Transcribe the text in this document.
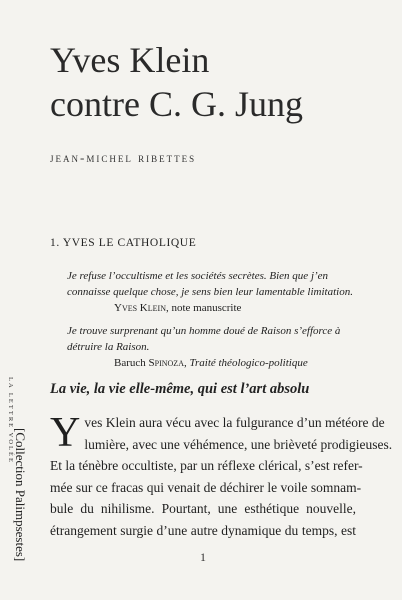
Yves Klein
contre C. G. Jung
jean-michel ribettes
1. YVES LE CATHOLIQUE
Je refuse l’occultisme et les sociétés secrètes. Bien que j’en connaisse quelque chose, je sens bien leur lamentable limitation.
Yves Klein, note manuscrite
Je trouve surprenant qu’un homme doué de Raison s’efforce à détruire la Raison.
Baruch Spinoza, Traité théologico-politique
La vie, la vie elle-même, qui est l’art absolu
Y ves Klein aura vécu avec la fulgurance d’un météore de
lumière, avec une véhémence, une brièveté prodigieuses.
Et la ténèbre occultiste, par un réflexe clérical, s’est refer-
mée sur ce fracas qui venait de déchirer le voile somnam-
bule du nihilisme. Pourtant, une esthétique nouvelle,
étrangement surgie d’une autre dynamique du temps, est
1
LA LETTRE VOLÉE
[Collection Palimpsestes]
